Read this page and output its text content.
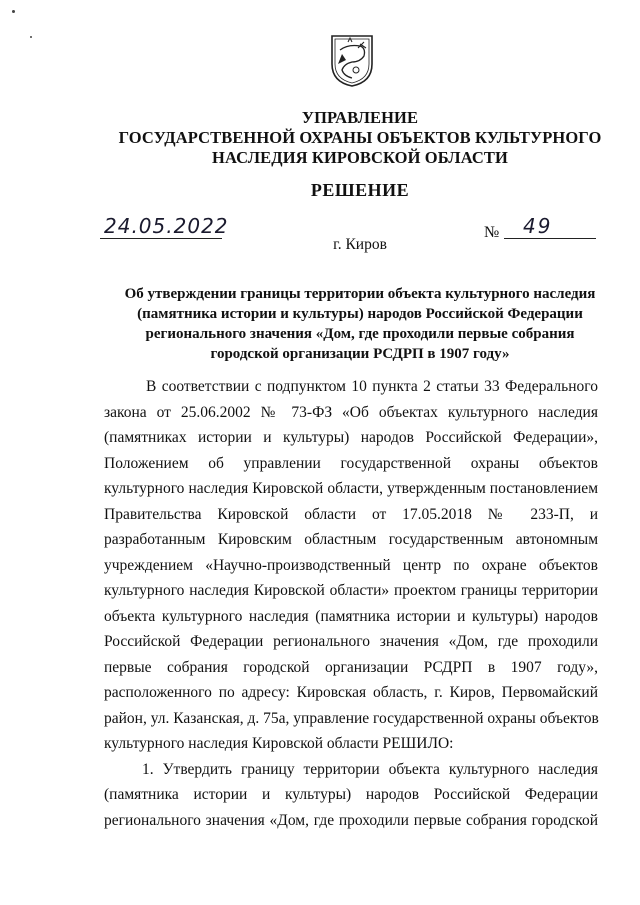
УПРАВЛЕНИЕ
ГОСУДАРСТВЕННОЙ ОХРАНЫ ОБЪЕКТОВ КУЛЬТУРНОГО
НАСЛЕДИЯ КИРОВСКОЙ ОБЛАСТИ
РЕШЕНИЕ
24.05.2022	№ 49
г. Киров
Об утверждении границы территории объекта культурного наследия
(памятника истории и культуры) народов Российской Федерации
регионального значения «Дом, где проходили первые собрания
городской организации РСДРП в 1907 году»
В соответствии с подпунктом 10 пункта 2 статьи 33 Федерального
закона от 25.06.2002 № 73-ФЗ «Об объектах культурного наследия
(памятниках истории и культуры) народов Российской Федерации»,
Положением об управлении государственной охраны объектов
культурного наследия Кировской области, утвержденным постановлением
Правительства Кировской области от 17.05.2018 № 233-П, и
разработанным Кировским областным государственным автономным
учреждением «Научно-производственный центр по охране объектов
культурного наследия Кировской области» проектом границы территории
объекта культурного наследия (памятника истории и культуры) народов
Российской Федерации регионального значения «Дом, где проходили
первые собрания городской организации РСДРП в 1907 году»,
расположенного по адресу: Кировская область, г. Киров, Первомайский
район, ул. Казанская, д. 75а, управление государственной охраны объектов
культурного наследия Кировской области РЕШИЛО:
1. Утвердить границу территории объекта культурного наследия
(памятника истории и культуры) народов Российской Федерации
регионального значения «Дом, где проходили первые собрания городской
